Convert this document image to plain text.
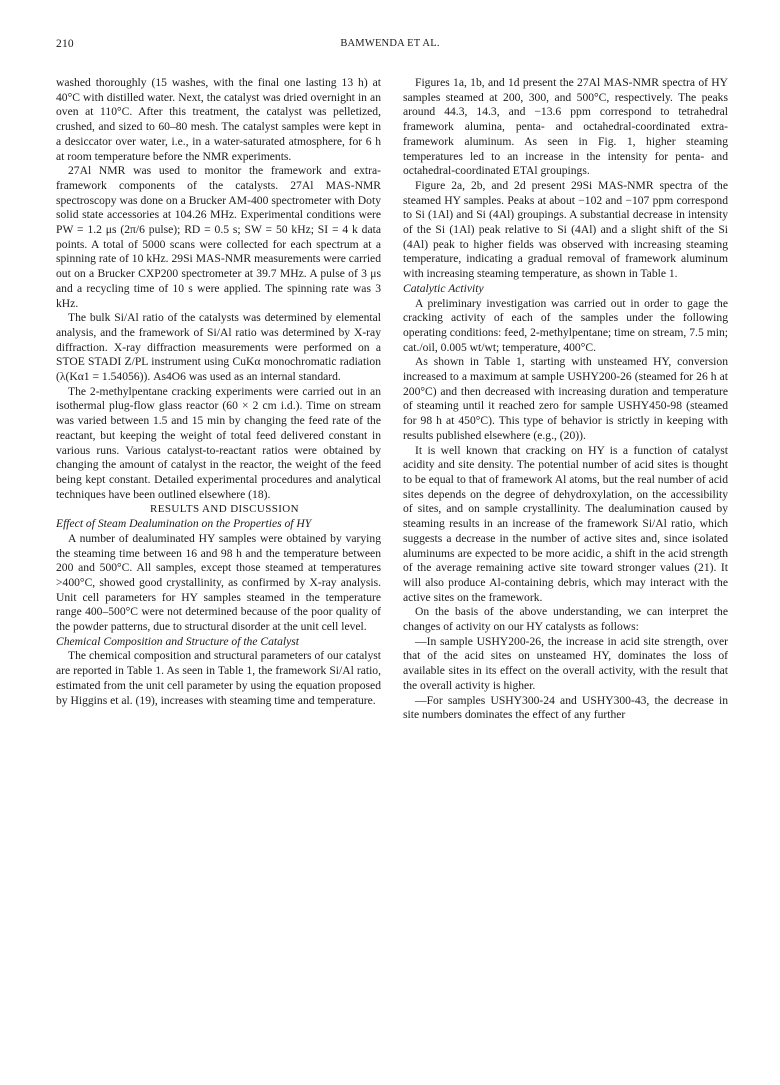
210	BAMWENDA ET AL.

washed thoroughly (15 washes, with the final one lasting 13 h) at 40°C with distilled water. Next, the catalyst was dried overnight in an oven at 110°C. After this treatment, the catalyst was pelletized, crushed, and sized to 60–80 mesh. The catalyst samples were kept in a desiccator over water, i.e., in a water-saturated atmosphere, for 6 h at room temperature before the NMR experiments.

27Al NMR was used to monitor the framework and extra-framework components of the catalysts. 27Al MAS-NMR spectroscopy was done on a Brucker AM-400 spectrometer with Doty solid state accessories at 104.26 MHz. Experimental conditions were PW = 1.2 μs (2π/6 pulse); RD = 0.5 s; SW = 50 kHz; SI = 4 k data points. A total of 5000 scans were collected for each spectrum at a spinning rate of 10 kHz. 29Si MAS-NMR measurements were carried out on a Brucker CXP200 spectrometer at 39.7 MHz. A pulse of 3 μs and a recycling time of 10 s were applied. The spinning rate was 3 kHz.

The bulk Si/Al ratio of the catalysts was determined by elemental analysis, and the framework of Si/Al ratio was determined by X-ray diffraction. X-ray diffraction measurements were performed on a STOE STADI Z/PL instrument using CuKα monochromatic radiation (λ(Kα1 = 1.54056)). As4O6 was used as an internal standard.

The 2-methylpentane cracking experiments were carried out in an isothermal plug-flow glass reactor (60 × 2 cm i.d.). Time on stream was varied between 1.5 and 15 min by changing the feed rate of the reactant, but keeping the weight of total feed delivered constant in various runs. Various catalyst-to-reactant ratios were obtained by changing the amount of catalyst in the reactor, the weight of the feed being kept constant. Detailed experimental procedures and analytical techniques have been outlined elsewhere (18).

RESULTS AND DISCUSSION

Effect of Steam Dealumination on the Properties of HY

A number of dealuminated HY samples were obtained by varying the steaming time between 16 and 98 h and the temperature between 200 and 500°C. All samples, except those steamed at temperatures >400°C, showed good crystallinity, as confirmed by X-ray analysis. Unit cell parameters for HY samples steamed in the temperature range 400–500°C were not determined because of the poor quality of the powder patterns, due to structural disorder at the unit cell level.

Chemical Composition and Structure of the Catalyst

The chemical composition and structural parameters of our catalyst are reported in Table 1. As seen in Table 1, the framework Si/Al ratio, estimated from the unit cell parameter by using the equation proposed by Higgins et al. (19), increases with steaming time and temperature.

Figures 1a, 1b, and 1d present the 27Al MAS-NMR spectra of HY samples steamed at 200, 300, and 500°C, respectively. The peaks around 44.3, 14.3, and −13.6 ppm correspond to tetrahedral framework alumina, penta- and octahedral-coordinated extra-framework aluminum. As seen in Fig. 1, higher steaming temperatures led to an increase in the intensity for penta- and octahedral-coordinated ETAl groupings.

Figure 2a, 2b, and 2d present 29Si MAS-NMR spectra of the steamed HY samples. Peaks at about −102 and −107 ppm correspond to Si (1Al) and Si (4Al) groupings. A substantial decrease in intensity of the Si (1Al) peak relative to Si (4Al) and a slight shift of the Si (4Al) peak to higher fields was observed with increasing steaming temperature, indicating a gradual removal of framework aluminum with increasing steaming temperature, as shown in Table 1.

Catalytic Activity

A preliminary investigation was carried out in order to gage the cracking activity of each of the samples under the following operating conditions: feed, 2-methylpentane; time on stream, 7.5 min; cat./oil, 0.005 wt/wt; temperature, 400°C.

As shown in Table 1, starting with unsteamed HY, conversion increased to a maximum at sample USHY200-26 (steamed for 26 h at 200°C) and then decreased with increasing duration and temperature of steaming until it reached zero for sample USHY450-98 (steamed for 98 h at 450°C). This type of behavior is strictly in keeping with results published elsewhere (e.g., (20)).

It is well known that cracking on HY is a function of catalyst acidity and site density. The potential number of acid sites is thought to be equal to that of framework Al atoms, but the real number of acid sites depends on the degree of dehydroxylation, on the accessibility of sites, and on sample crystallinity. The dealumination caused by steaming results in an increase of the framework Si/Al ratio, which suggests a decrease in the number of active sites and, since isolated aluminums are expected to be more acidic, a shift in the acid strength of the average remaining active site toward stronger values (21). It will also produce Al-containing debris, which may interact with the active sites on the framework.

On the basis of the above understanding, we can interpret the changes of activity on our HY catalysts as follows:

—In sample USHY200-26, the increase in acid site strength, over that of the acid sites on unsteamed HY, dominates the loss of available sites in its effect on the overall activity, with the result that the overall activity is higher.

—For samples USHY300-24 and USHY300-43, the decrease in site numbers dominates the effect of any further
